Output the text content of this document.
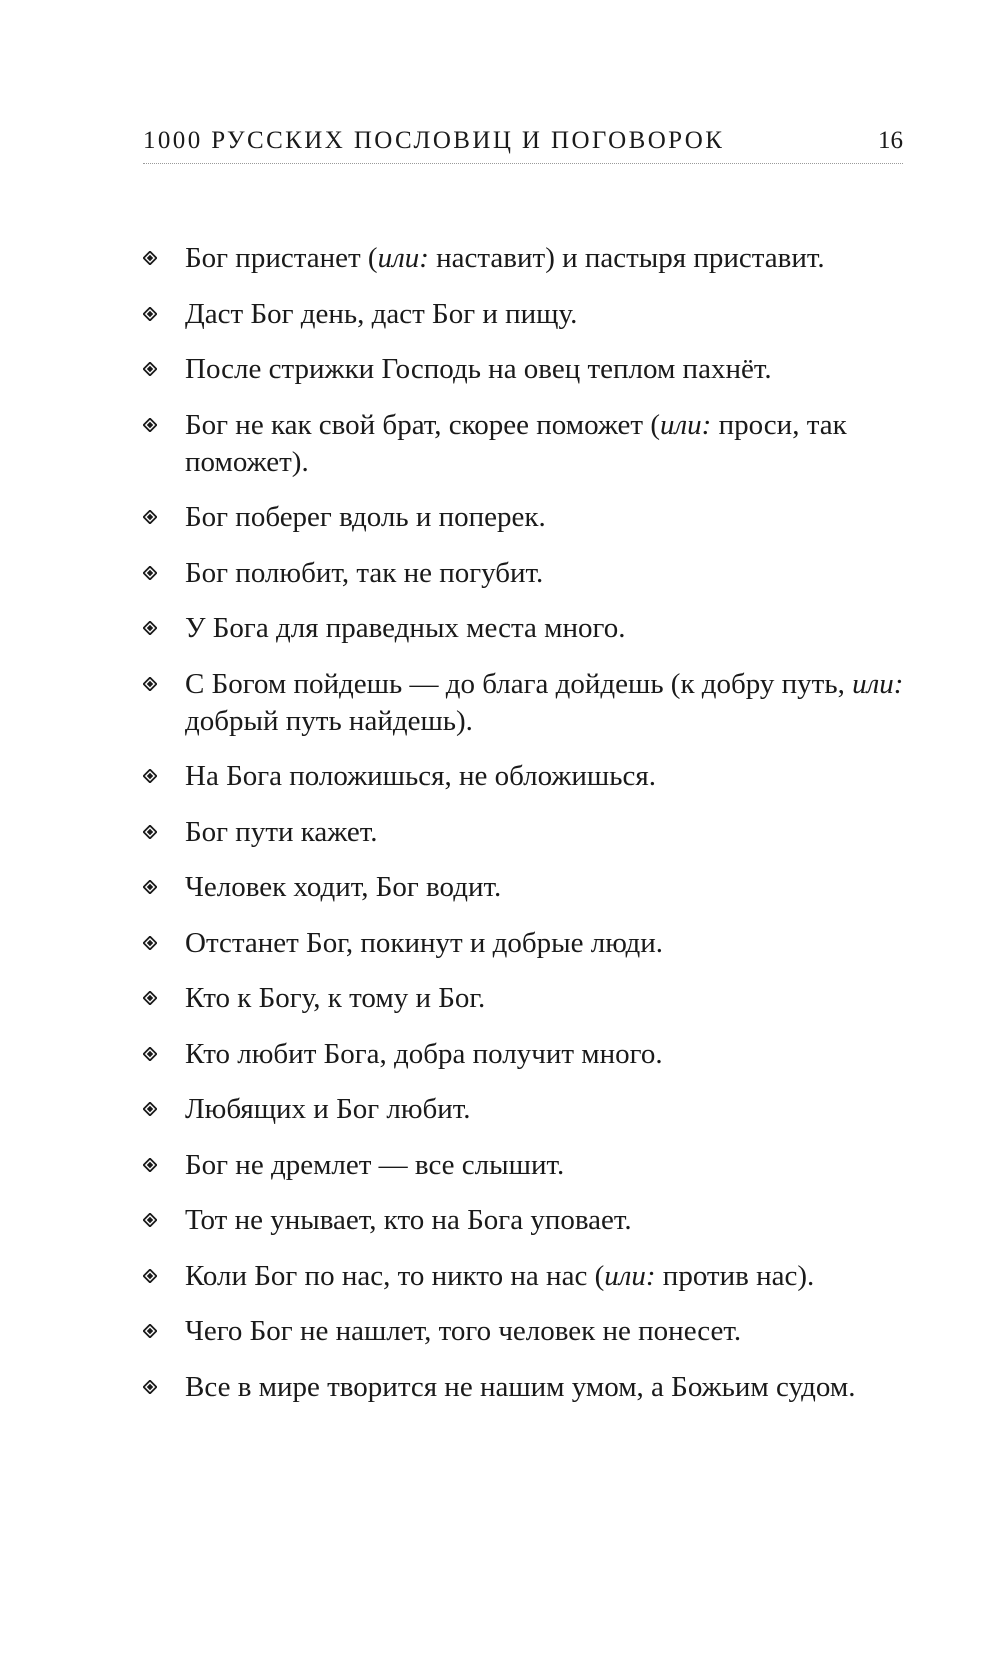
1000 РУССКИХ ПОСЛОВИЦ И ПОГОВОРОК	16
Бог пристанет (или: наставит) и пастыря приставит.
Даст Бог день, даст Бог и пищу.
После стрижки Господь на овец теплом пахнёт.
Бог не как свой брат, скорее поможет (или: проси, так поможет).
Бог поберег вдоль и поперек.
Бог полюбит, так не погубит.
У Бога для праведных места много.
С Богом пойдешь — до блага дойдешь (к добру путь, или: добрый путь найдешь).
На Бога положишься, не обложишься.
Бог пути кажет.
Человек ходит, Бог водит.
Отстанет Бог, покинут и добрые люди.
Кто к Богу, к тому и Бог.
Кто любит Бога, добра получит много.
Любящих и Бог любит.
Бог не дремлет — все слышит.
Тот не унывает, кто на Бога уповает.
Коли Бог по нас, то никто на нас (или: против нас).
Чего Бог не нашлет, того человек не понесет.
Все в мире творится не нашим умом, а Божьим судом.
